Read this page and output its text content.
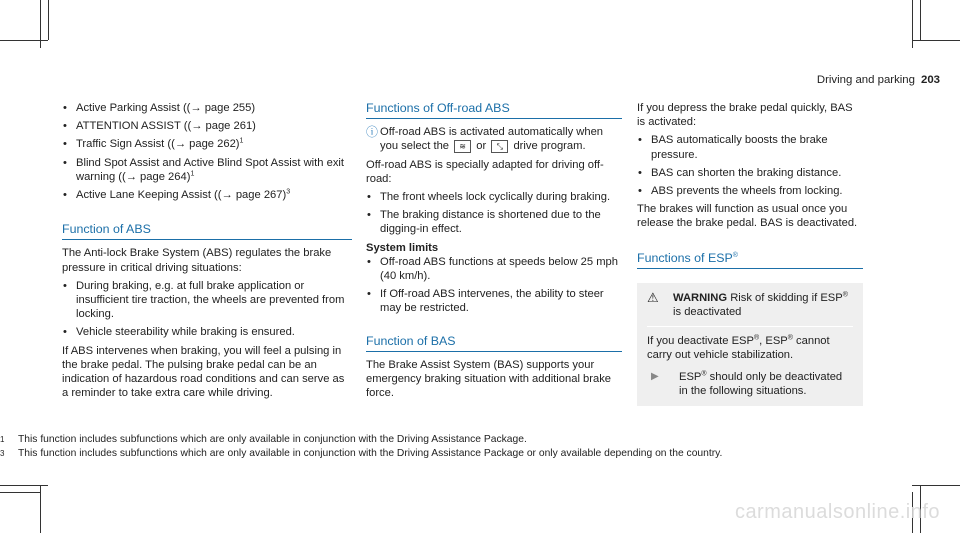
Driving and parking 203
• Active Parking Assist ((→ page 255)
• ATTENTION ASSIST ((→ page 261)
• Traffic Sign Assist ((→ page 262)$^1$
• Blind Spot Assist and Active Blind Spot Assist with exit warning ((→ page 264)$^1$
• Active Lane Keeping Assist ((→ page 267)$^3$
Function of ABS

The Anti-lock Brake System (ABS) regulates the brake pressure in critical driving situations:

• During braking, e.g. at full brake application or insufficient tire traction, the wheels are prevented from locking.
• Vehicle steerability while braking is ensured.

If ABS intervenes when braking, you will feel a pulsing in the brake pedal. The pulsing brake pedal can be an indication of hazardous road conditions and can serve as a reminder to take extra care while driving.

Functions of Off-road ABS
ⓘ Off-road ABS is activated automatically when you select the ≋ or ⤡ drive program.

Off-road ABS is specially adapted for driving off-road:

• The front wheels lock cyclically during braking.
• The braking distance is shortened due to the digging-in effect.

System limits

• Off-road ABS functions at speeds below 25 mph (40 km/h).
• If Off-road ABS intervenes, the ability to steer may be restricted.
Function of BAS

The Brake Assist System (BAS) supports your emergency braking situation with additional brake force.

If you depress the brake pedal quickly, BAS is activated:

• BAS automatically boosts the brake pressure.
• BAS can shorten the braking distance.
• ABS prevents the wheels from locking.

The brakes will function as usual once you release the brake pedal. BAS is deactivated.

Functions of ESP®
⚠	WARNING Risk of skidding if ESP® is deactivated

If you deactivate ESP®, ESP® cannot carry out vehicle stabilization.

▶	ESP® should only be deactivated in the following situations.
1 This function includes subfunctions which are only available in conjunction with the Driving Assistance Package.
3 This function includes subfunctions which are only available in conjunction with the Driving Assistance Package or only available depending on the country.
carmanualsonline.info
